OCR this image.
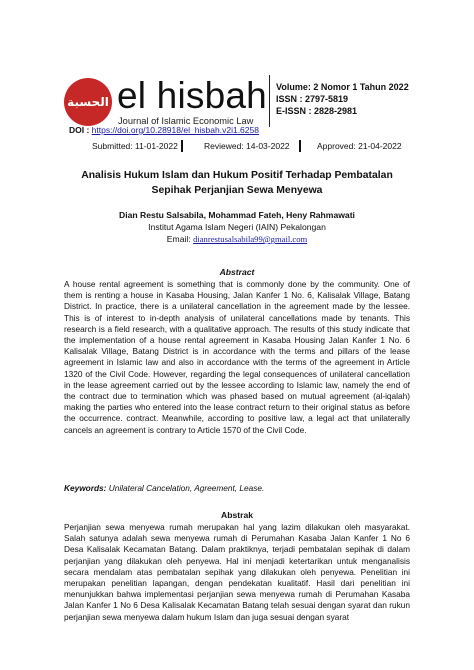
الحسبة el hisbah
Journal of Islamic Economic Law
Volume: 2 Nomor 1 Tahun 2022
ISSN : 2797-5819
E-ISSN : 2828-2981
DOI : https://doi.org/10.28918/el_hisbah.v2i1.6258
Submitted: 11-01-2022	Reviewed: 14-03-2022	Approved: 21-04-2022
Analisis Hukum Islam dan Hukum Positif Terhadap Pembatalan Sepihak Perjanjian Sewa Menyewa
Dian Restu Salsabila, Mohammad Fateh, Heny Rahmawati
Institut Agama Islam Negeri (IAIN) Pekalongan
Email: dianrestusalsabila99@gmail.com
Abstract

A house rental agreement is something that is commonly done by the community. One of them is renting a house in Kasaba Housing, Jalan Kanfer 1 No. 6, Kalisalak Village, Batang District. In practice, there is a unilateral cancellation in the agreement made by the lessee. This is of interest to in-depth analysis of unilateral cancellations made by tenants. This research is a field research, with a qualitative approach. The results of this study indicate that the implementation of a house rental agreement in Kasaba Housing Jalan Kanfer 1 No. 6 Kalisalak Village, Batang District is in accordance with the terms and pillars of the lease agreement in Islamic law and also in accordance with the terms of the agreement in Article 1320 of the Civil Code. However, regarding the legal consequences of unilateral cancellation in the lease agreement carried out by the lessee according to Islamic law, namely the end of the contract due to termination which was phased based on mutual agreement (al-iqalah) making the parties who entered into the lease contract return to their original status as before the occurrence. contract. Meanwhile, according to positive law, a legal act that unilaterally cancels an agreement is contrary to Article 1570 of the Civil Code.

Keywords: Unilateral Cancelation, Agreement, Lease.
Abstrak

Perjanjian sewa menyewa rumah merupakan hal yang lazim dilakukan oleh masyarakat. Salah satunya adalah sewa menyewa rumah di Perumahan Kasaba Jalan Kanfer 1 No 6 Desa Kalisalak Kecamatan Batang. Dalam praktiknya, terjadi pembatalan sepihak di dalam perjanjian yang dilakukan oleh penyewa. Hal ini menjadi ketertarikan untuk menganalisis secara mendalam atas pembatalan sepihak yang dilakukan oleh penyewa. Penelitian ini merupakan penelitian lapangan, dengan pendekatan kualitatif. Hasil dari penelitian ini menunjukkan bahwa implementasi perjanjian sewa menyewa rumah di Perumahan Kasaba Jalan Kanfer 1 No 6 Desa Kalisalak Kecamatan Batang telah sesuai dengan syarat dan rukun perjanjian sewa menyewa dalam hukum Islam dan juga sesuai dengan syarat
